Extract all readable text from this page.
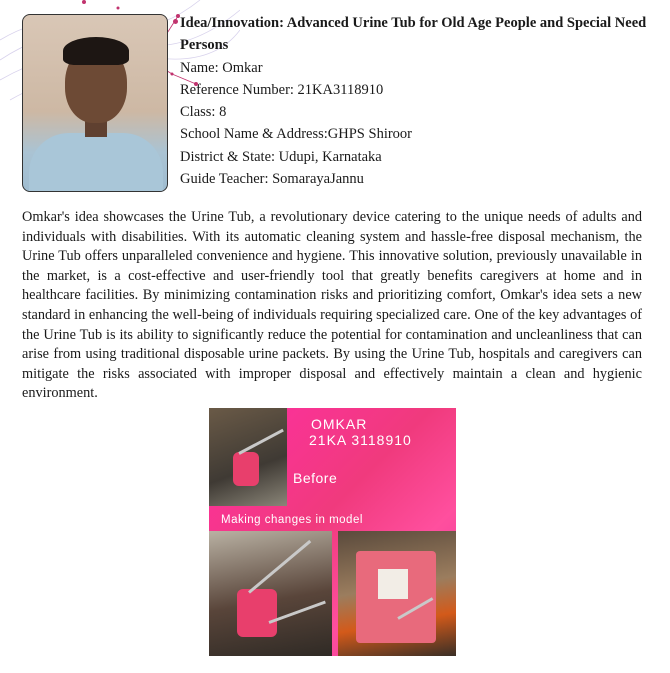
Idea/Innovation: Advanced Urine Tub for Old Age People and Special Need Persons
Name: Omkar
Reference Number: 21KA3118910
Class: 8
School Name & Address:GHPS Shiroor
District & State: Udupi, Karnataka
Guide Teacher: SomarayaJannu

Omkar's idea showcases the Urine Tub, a revolutionary device catering to the unique needs of adults and individuals with disabilities. With its automatic cleaning system and hassle-free disposal mechanism, the Urine Tub offers unparalleled convenience and hygiene. This innovative solution, previously unavailable in the market, is a cost-effective and user-friendly tool that greatly benefits caregivers at home and in healthcare facilities. By minimizing contamination risks and prioritizing comfort, Omkar's idea sets a new standard in enhancing the well-being of individuals requiring specialized care. One of the key advantages of the Urine Tub is its ability to significantly reduce the potential for contamination and uncleanliness that can arise from using traditional disposable urine packets. By using the Urine Tub, hospitals and caregivers can mitigate the risks associated with improper disposal and effectively maintain a clean and hygienic environment.

OMKAR
21KA 3118910
Before
Making changes in model
